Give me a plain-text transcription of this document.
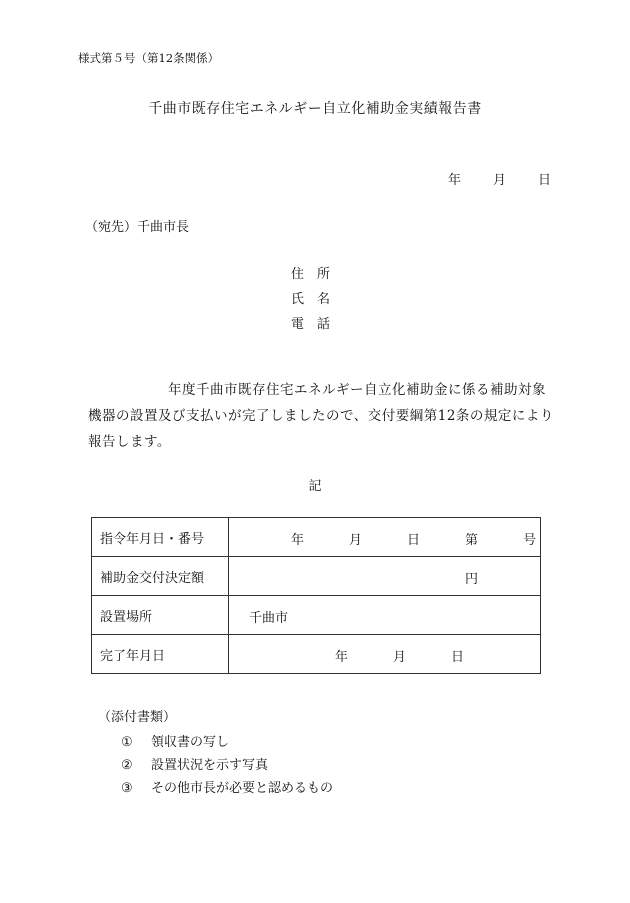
様式第５号（第12条関係）
千曲市既存住宅エネルギー自立化補助金実績報告書
年 月 日
（宛先）千曲市長
住 所
氏 名
電 話
年度千曲市既存住宅エネルギー自立化補助金に係る補助対象機器の設置及び支払いが完了しましたので、交付要綱第12条の規定により報告します。
記
指令年月日・番号	年 月 日 第 号

補助金交付決定額	円

設置場所	千曲市

完了年月日	年 月 日
（添付書類）
① 領収書の写し
② 設置状況を示す写真
③ その他市長が必要と認めるもの
